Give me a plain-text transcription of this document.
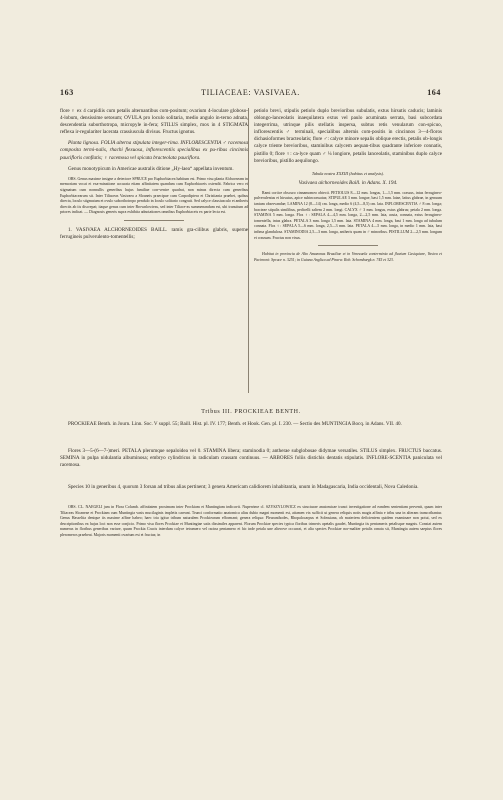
163	TILIACEAE: VASIVAEA.	164

flore ♀ ex 4 carpidiis cum petalis alternantibus com-positum; ovarium 4-loculare globoso-4-lobum, densissime setosum; OVULA pro loculo solitaria, medio angulo in-terno adnata, descendentia suborthotropa, micropyle in-fera; STILUS simplex, mox in 4 STIGMATA reflexa ir-regulariter lacerata crassiuscula divisus. Fructus ignotus.

Planta lignosa. FOLIA alterna stipulata integer-rima. INFLORESCENTIA ♂ racemosa composita termi-nalis, rhachi flexuosa, inflorescentiis specialibus ex pu-ribus cincinnis paucifloris conflatis; ♀ racemosa vel spicata bracteolata pauciflora.

Genus monotypicum in Americae australis ditione „Hy-laea“ appellata inventum.

OBS. Genus maxime insigne a detectore SPRUCE pro Euphorbiacea habitum est. Primo visu planta Alchorneam in memoriam vocat et exa-minatione accurata etiam affinitatem quandam cum Euphorbiaceis ostendit. Fabrica vero et stigmatum cum nonnullis generibus hujus familiae con-venire quadrat, non minus directa cum generibus Euphorbiacearum sit. Inter Tiliaceas Vasivaea a Sloaneis praecipue cum Carpodiptera et Christiania praebet, quibus directa, loculo stigmatum et ovulo suborthotropo pendulo in loculo solitario congruit. Sed calyce clausiusculo et antheris directis ab iis discrepat; itaque genus cum inter Brownlowieas, sed inter Tiliace-as summenandum est, ubi transitum ad priores indicat. — Diagnosis generis supra exhibita adnotationes omnibus Euphorbiaceis ex parte lecta est.

1. VASIVAEA ALCHORNEOIDES BAILL. ramis gra-cilibus glabris, superne ferrugineis pulverulento-tomentellis;

petiolo brevi, stipulis petiolo duplo brevioribus subulatis, extus hirsutis caducis; laminis oblongo-lanceolatis inaequilatera extus vel paulo acuminata serrata, basi subcordata integerrima, utrinque pilis stellatis inspersa, subtus retis venularum con-spicuo, inflorescentiis ♂ terminali, specialibus alternis com-positis in cincinnos 3—4-floros dichasioformes bracteolatis; flore ♂: calyce minore sepalis oblique erectis, petalis ob-longis calyce triente brevioribus, staminibus calycem aequan-tibus quadrante inferiore connatis, pistillo 0; flore ♀: ca-lyce quam ♂ ¼ longiore, petalis lanceolatis, staminibus duplo calyce brevioribus, pistillo aequilongo.

Tabula nostra XXXIII (habitus et analysis).

Vasivaea alchorneoides Baill. in Adans. X. 194.

Rami cortice obscuro cinnamomeo obtecti. PETIOLUS 8—12 mm. longus, 1—1,5 mm. crassus, intus ferrugineo-pulverulentus et hirsutus, apice subincrassatus; STIPULAE 3 mm. longae, basi 1,5 mm. latae, latius glabrae, in genuum tantum observandae; LAMINA 12 (8—14) cm. longa, medio 6 (4,5—8,5) cm. lata. INFLORESCENTIA ♂ 8 cm. longa; bracteae stipulis similibus, pedicelli saltem 2 mm. longi. CALYX ♂ 3 mm. longus, extus glabrus; petala 2 mm. longa. STAMINA 5 mm. longa. Flos ♀: SEPALA 4—4,5 mm. longa, 2—2,5 mm. lata, acuta, connata, extus ferrugineo-tomentella, intus glabra. PETALA 3 mm. longa 1,5 mm. lata. STAMINA 4 mm. longa, basi 1 mm. longa ad tubulum connata. Flos ♀: SEPALA 5—6 mm. longa, 2,5—3 mm. lata. PETALA 4—5 mm. longa, in medio 1 mm. lata, basi infima glandulosa. STAMINODIA 2,5—3 mm. longa, antheris quam in ♂ minoribus. PISTILLUM 2—2,5 mm. longum et crassum. Fructus non visus.

Habitat in provincia de Alto Amazonas Brasiliae et in Venezuela conterminia ad fluvium Casiquiare, Vasiva et Pacimoni: Spruce n. 3251; in Guiana Anglica ad Pirara: Rob. Schomburgk n. 745 et 323.

Tribus III. PROCKIEAE BENTH.

PROCKIEAE Benth. in Journ. Linn. Soc. V suppl. 55; Baill. Hist. pl. IV. 177; Benth. et Hook. Gen. pl. I. 230. — Sectio des MUNTINGIA Bocq. in Adans. VII. 40.

Flores 3—5-(6—7-)meri. PETALA plerumque sepaloidea vel 0. STAMINA libera; staminodia 0; antherae subglobosae didymae versatiles. STILUS simplex. FRUCTUS baccatus. SEMINA in pulpa nidulantia albuminosa; embryo cylindricus in radiculam crassam continuus. — ARBORES foliis distichis dentatis stipulatis. INFLORE-SCENTIA paniculata vel racemosa.

Species 10 in generibus 4, quorum 3 forsan ad tribus alias pertinent; 3 genera Americam calidiorem inhabitantia, unum in Madagascaria, India occidentali, Nova Caledonia.

OBS. CL. NAEGELI jam in Flora Columb. affinitatem proximam inter Prockiam et Muntingiam indicavit. Nuperrime cl. SZYSZYLOWICZ ex structurae anatomicae trunci investigatione ad eandem sententiam pervenit, quum inter Tiliaceas Sloaneae et Prockiam cum Muntingia vasis mucilaginis impletis careant. Trunci conformatio anatomica alias dubio magni momenti est, attamen vix sufficit ut genera reliquis notis magis affinia e tribu una in alteram transcribantur. Genus Hasseltia denique iis maxime affine habeo; haec tria igitur tribum naturalem Prockiearum efformant; genera reliqua: Pleuranthodes, Rhopalocarpus et Solmsiana, ob materiem deficientem quidem examinare non potui, sed ex descriptionibus ea hujus loci non esse conjicio. Primo visu flores Prockiae et Muntingiae satis dissimiles apparent. Florum Prockiae species typica floribus trimeris apetalis gaudet, Muntingia iis pentameris petalisque magnis. Constat autem numerus in floribus generibus variare, quum Prockia Crucis interdum calyce tetramero vel racina pentamero et hic inde petala une alterove occurrat, et alia species Prockiae nor-maliter petalis ornata sit, Muntingia autem saepius flores pleromeros praebeat. Majoris momenti ovarium est et fructus; in
